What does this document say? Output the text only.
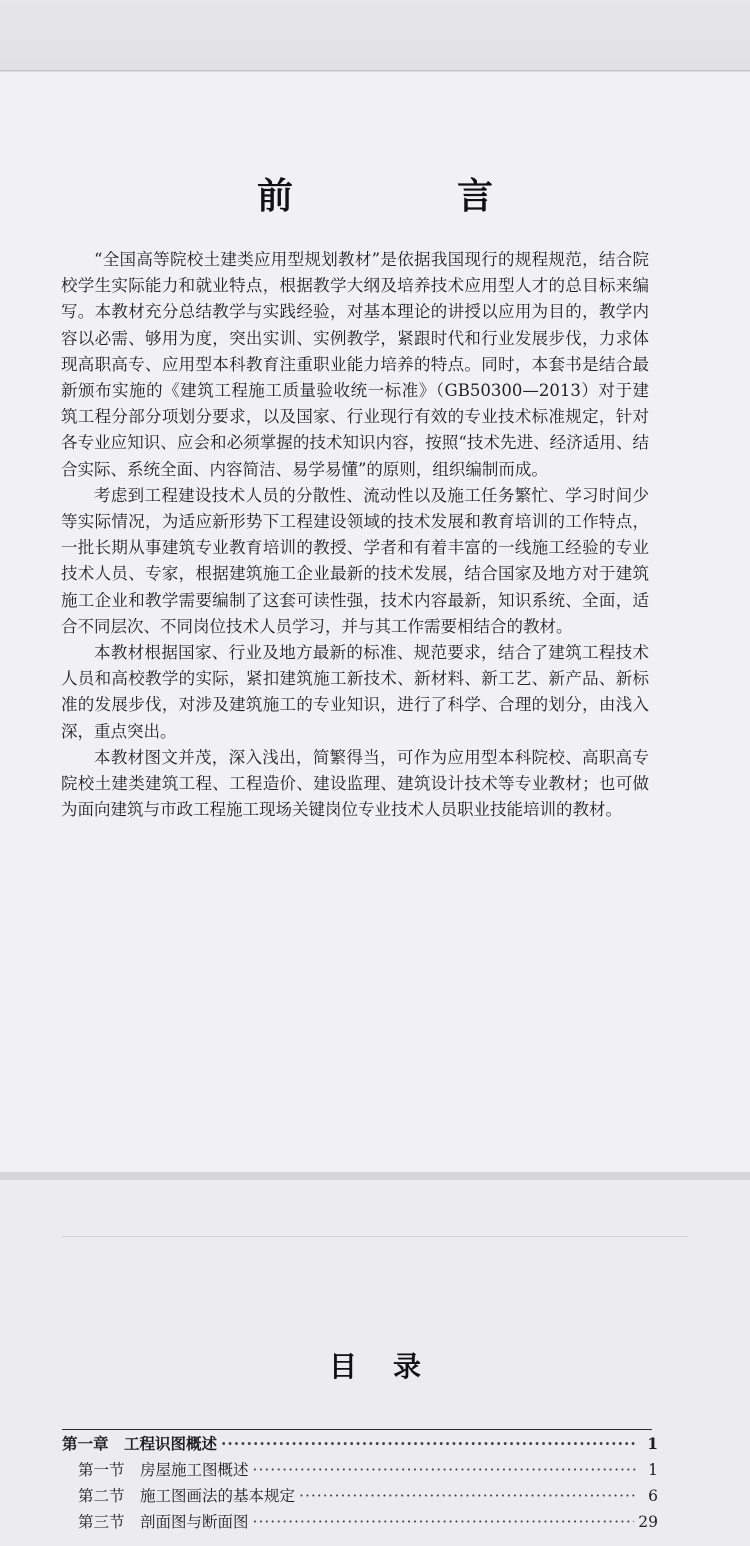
前　言

“全国高等院校土建类应用型规划教材”是依据我国现行的规程规范，结合院校学生实际能力和就业特点，根据教学大纲及培养技术应用型人才的总目标来编写。本教材充分总结教学与实践经验，对基本理论的讲授以应用为目的，教学内容以必需、够用为度，突出实训、实例教学，紧跟时代和行业发展步伐，力求体现高职高专、应用型本科教育注重职业能力培养的特点。同时，本套书是结合最新颁布实施的《建筑工程施工质量验收统一标准》（GB50300—2013）对于建筑工程分部分项划分要求，以及国家、行业现行有效的专业技术标准规定，针对各专业应知识、应会和必须掌握的技术知识内容，按照“技术先进、经济适用、结合实际、系统全面、内容简洁、易学易懂”的原则，组织编制而成。

考虑到工程建设技术人员的分散性、流动性以及施工任务繁忙、学习时间少等实际情况，为适应新形势下工程建设领域的技术发展和教育培训的工作特点，一批长期从事建筑专业教育培训的教授、学者和有着丰富的一线施工经验的专业技术人员、专家，根据建筑施工企业最新的技术发展，结合国家及地方对于建筑施工企业和教学需要编制了这套可读性强，技术内容最新，知识系统、全面，适合不同层次、不同岗位技术人员学习，并与其工作需要相结合的教材。

本教材根据国家、行业及地方最新的标准、规范要求，结合了建筑工程技术人员和高校教学的实际，紧扣建筑施工新技术、新材料、新工艺、新产品、新标准的发展步伐，对涉及建筑施工的专业知识，进行了科学、合理的划分，由浅入深，重点突出。

本教材图文并茂，深入浅出，简繁得当，可作为应用型本科院校、高职高专院校土建类建筑工程、工程造价、建设监理、建筑设计技术等专业教材；也可做为面向建筑与市政工程施工现场关键岗位专业技术人员职业技能培训的教材。

目录
第一章　工程识图概述 ·····	1
第一节　房屋施工图概述 ·····	1
第二节　施工图画法的基本规定 ·····	6
第三节　剖面图与断面图 ·····	29
